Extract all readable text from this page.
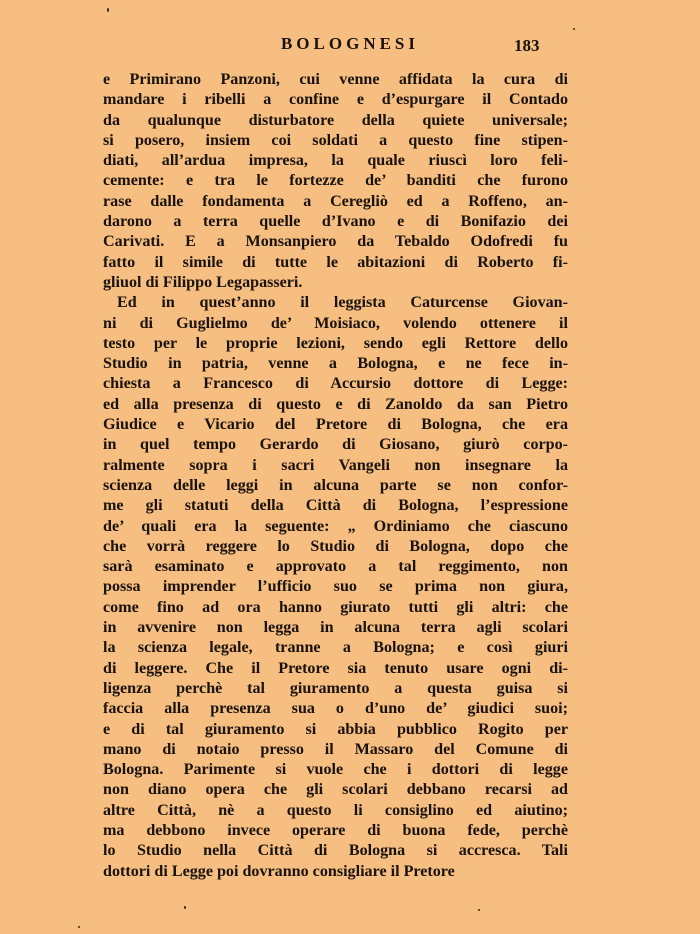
BOLOGNESI	183
e Primirano Panzoni, cui venne affidata la cura di
mandare i ribelli a confine e d’espurgare il Contado
da qualunque disturbatore della quiete universale;
si posero, insiem coi soldati a questo fine stipen-
diati, all’ardua impresa, la quale riuscì loro feli-
cemente: e tra le fortezze de’ banditi che furono
rase dalle fondamenta a Ceregliò ed a Roffeno, an-
darono a terra quelle d’Ivano e di Bonifazio dei
Carivati. E a Monsanpiero da Tebaldo Odofredi fu
fatto il simile di tutte le abitazioni di Roberto fi-
gliuol di Filippo Legapasseri.
Ed in quest’anno il leggista Caturcense Giovan-
ni di Guglielmo de’ Moisiaco, volendo ottenere il
testo per le proprie lezioni, sendo egli Rettore dello
Studio in patria, venne a Bologna, e ne fece in-
chiesta a Francesco di Accursio dottore di Legge:
ed alla presenza di questo e di Zanoldo da san Pietro
Giudice e Vicario del Pretore di Bologna, che era
in quel tempo Gerardo di Giosano, giurò corpo-
ralmente sopra i sacri Vangeli non insegnare la
scienza delle leggi in alcuna parte se non confor-
me gli statuti della Città di Bologna, l’espressione
de’ quali era la seguente: „ Ordiniamo che ciascuno
che vorrà reggere lo Studio di Bologna, dopo che
sarà esaminato e approvato a tal reggimento, non
possa imprender l’ufficio suo se prima non giura,
come fino ad ora hanno giurato tutti gli altri: che
in avvenire non legga in alcuna terra agli scolari
la scienza legale, tranne a Bologna; e così giuri
di leggere. Che il Pretore sia tenuto usare ogni di-
ligenza perchè tal giuramento a questa guisa si
faccia alla presenza sua o d’uno de’ giudici suoi;
e di tal giuramento si abbia pubblico Rogito per
mano di notaio presso il Massaro del Comune di
Bologna. Parimente si vuole che i dottori di legge
non diano opera che gli scolari debbano recarsi ad
altre Città, nè a questo li consiglino ed aiutino;
ma debbono invece operare di buona fede, perchè
lo Studio nella Città di Bologna si accresca. Tali
dottori di Legge poi dovranno consigliare il Pretore
